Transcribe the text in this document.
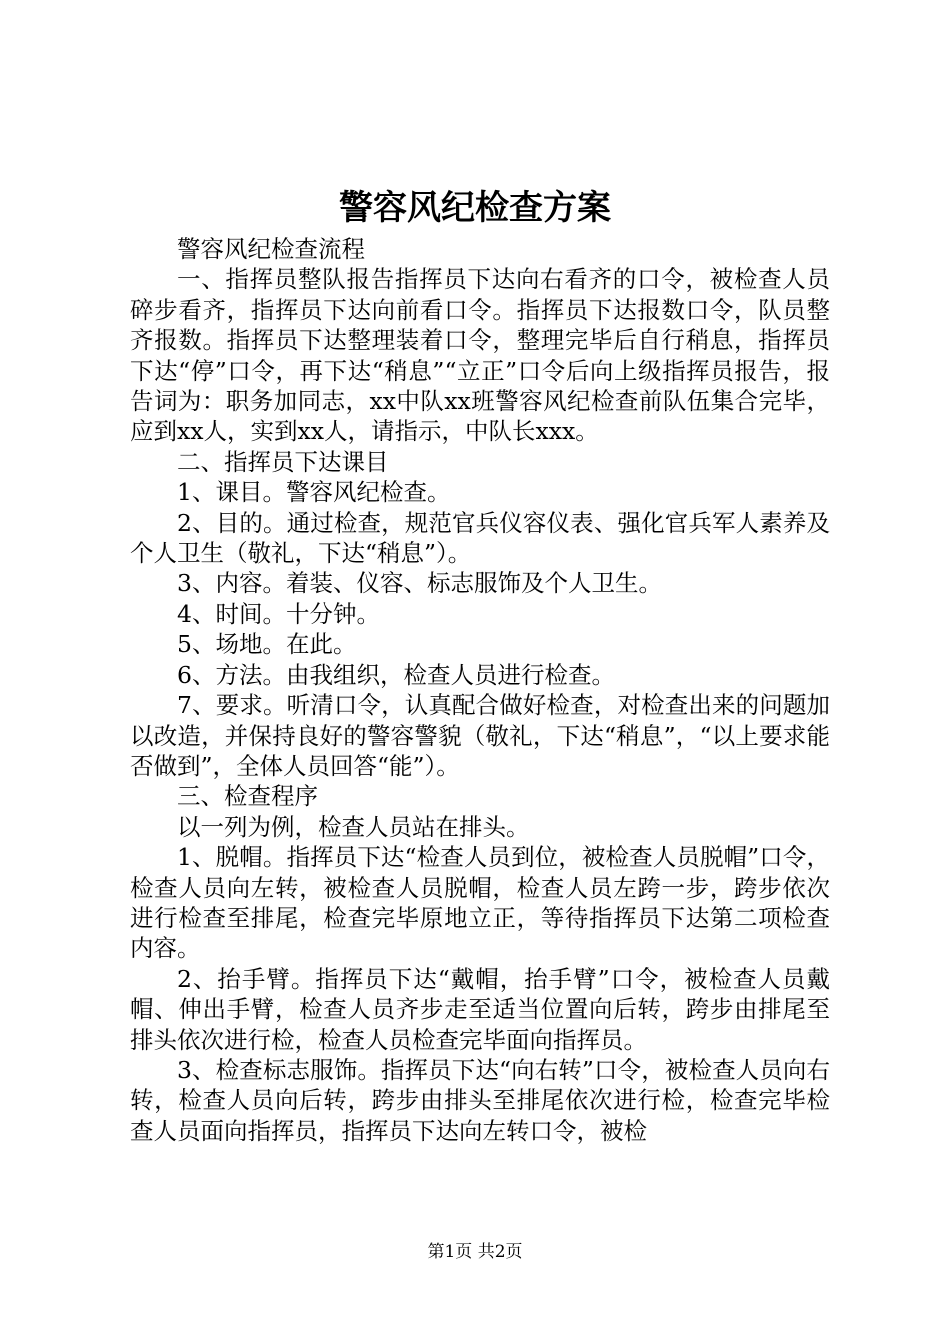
警容风纪检查方案

警容风纪检查流程

一、指挥员整队报告指挥员下达向右看齐的口令，被检查人员碎步看齐，指挥员下达向前看口令。指挥员下达报数口令，队员整齐报数。指挥员下达整理装着口令，整理完毕后自行稍息，指挥员下达“停”口令，再下达“稍息”“立正”口令后向上级指挥员报告，报告词为：职务加同志，xx中队xx班警容风纪检查前队伍集合完毕，应到xx人，实到xx人，请指示，中队长xxx。

二、指挥员下达课目

1、课目。警容风纪检查。

2、目的。通过检查，规范官兵仪容仪表、强化官兵军人素养及个人卫生（敬礼，下达“稍息”）。

3、内容。着装、仪容、标志服饰及个人卫生。

4、时间。十分钟。

5、场地。在此。

6、方法。由我组织，检查人员进行检查。

7、要求。听清口令，认真配合做好检查，对检查出来的问题加以改造，并保持良好的警容警貌（敬礼，下达“稍息”，“以上要求能否做到”，全体人员回答“能”）。

三、检查程序

以一列为例，检查人员站在排头。

1、脱帽。指挥员下达“检查人员到位，被检查人员脱帽”口令，检查人员向左转，被检查人员脱帽，检查人员左跨一步，跨步依次进行检查至排尾，检查完毕原地立正，等待指挥员下达第二项检查内容。

2、抬手臂。指挥员下达“戴帽，抬手臂”口令，被检查人员戴帽、伸出手臂，检查人员齐步走至适当位置向后转，跨步由排尾至排头依次进行检，检查人员检查完毕面向指挥员。

3、检查标志服饰。指挥员下达“向右转”口令，被检查人员向右转，检查人员向后转，跨步由排头至排尾依次进行检，检查完毕检查人员面向指挥员，指挥员下达向左转口令，被检

第1页 共2页
